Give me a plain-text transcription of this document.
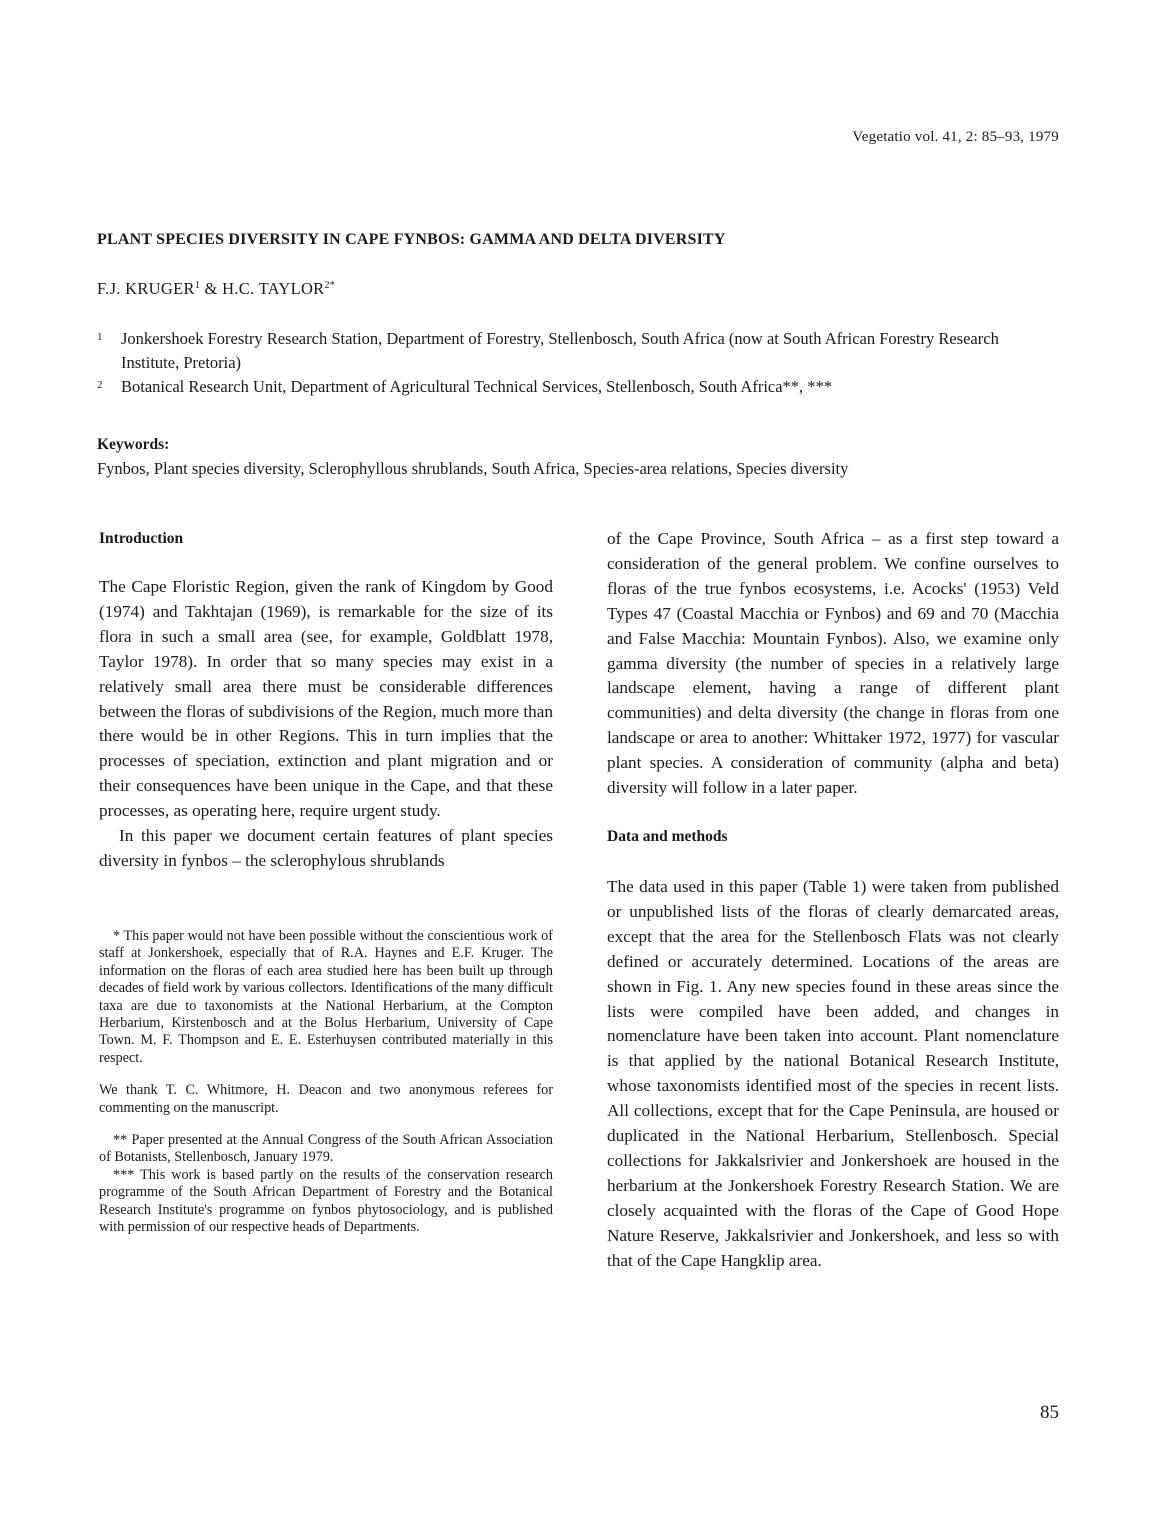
Vegetatio vol. 41, 2: 85–93, 1979
PLANT SPECIES DIVERSITY IN CAPE FYNBOS: GAMMA AND DELTA DIVERSITY
F.J. KRUGER$^1$ & H.C. $TAYLOR^{2*}$
1 Jonkershoek Forestry Research Station, Department of Forestry, Stellenbosch, South Africa (now at South African Forestry Research Institute, Pretoria)
2 Botanical Research Unit, Department of Agricultural Technical Services, Stellenbosch, South Africa**, ***
Keywords:
Fynbos, Plant species diversity, Sclerophyllous shrublands, South Africa, Species-area relations, Species diversity
Introduction

The Cape Floristic Region, given the rank of Kingdom by Good (1974) and Takhtajan (1969), is remarkable for the size of its flora in such a small area (see, for example, Goldblatt 1978, Taylor 1978). In order that so many species may exist in a relatively small area there must be considerable differences between the floras of subdivisions of the Region, much more than there would be in other Regions. This in turn implies that the processes of speciation, extinction and plant migration and or their consequences have been unique in the Cape, and that these processes, as operating here, require urgent study.

In this paper we document certain features of plant species diversity in fynbos – the sclerophylous shrublands

* This paper would not have been possible without the conscientious work of staff at Jonkershoek, especially that of R.A. Haynes and E.F. Kruger. The information on the floras of each area studied here has been built up through decades of field work by various collectors. Identifications of the many difficult taxa are due to taxonomists at the National Herbarium, at the Compton Herbarium, Kirstenbosch and at the Bolus Herbarium, University of Cape Town. M. F. Thompson and E. E. Esterhuysen contributed materially in this respect.

We thank T. C. Whitmore, H. Deacon and two anonymous referees for commenting on the manuscript.

** Paper presented at the Annual Congress of the South African Association of Botanists, Stellenbosch, January 1979.

*** This work is based partly on the results of the conservation research programme of the South African Department of Forestry and the Botanical Research Institute's programme on fynbos phytosociology, and is published with permission of our respective heads of Departments.

of the Cape Province, South Africa – as a first step toward a consideration of the general problem. We confine ourselves to floras of the true fynbos ecosystems, i.e. Acocks' (1953) Veld Types 47 (Coastal Macchia or Fynbos) and 69 and 70 (Macchia and False Macchia: Mountain Fynbos). Also, we examine only gamma diversity (the number of species in a relatively large landscape element, having a range of different plant communities) and delta diversity (the change in floras from one landscape or area to another: Whittaker 1972, 1977) for vascular plant species. A consideration of community (alpha and beta) diversity will follow in a later paper.

Data and methods

The data used in this paper (Table 1) were taken from published or unpublished lists of the floras of clearly demarcated areas, except that the area for the Stellenbosch Flats was not clearly defined or accurately determined. Locations of the areas are shown in Fig. 1. Any new species found in these areas since the lists were compiled have been added, and changes in nomenclature have been taken into account. Plant nomenclature is that applied by the national Botanical Research Institute, whose taxonomists identified most of the species in recent lists. All collections, except that for the Cape Peninsula, are housed or duplicated in the National Herbarium, Stellenbosch. Special collections for Jakkalsrivier and Jonkershoek are housed in the herbarium at the Jonkershoek Forestry Research Station. We are closely acquainted with the floras of the Cape of Good Hope Nature Reserve, Jakkalsrivier and Jonkershoek, and less so with that of the Cape Hangklip area.

85
